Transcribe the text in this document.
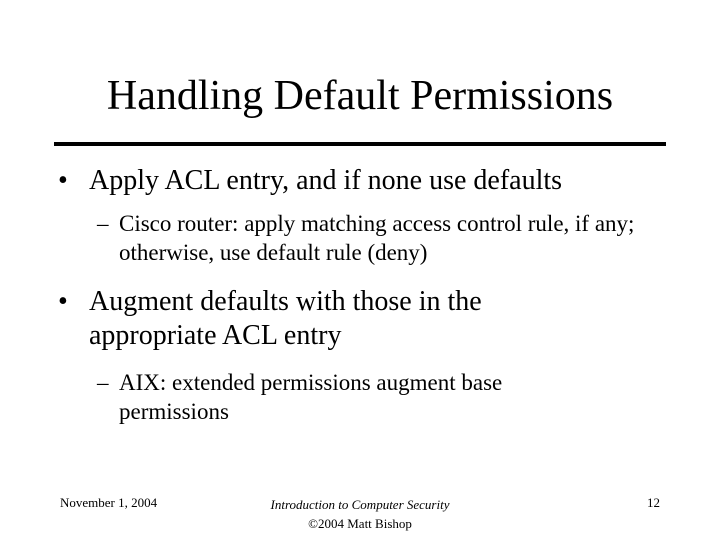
Handling Default Permissions
• Apply ACL entry, and if none use defaults
– Cisco router: apply matching access control rule, if any; otherwise, use default rule (deny)
• Augment defaults with those in the appropriate ACL entry
– AIX: extended permissions augment base permissions
November 1, 2004	Introduction to Computer Security
©2004 Matt Bishop
12
